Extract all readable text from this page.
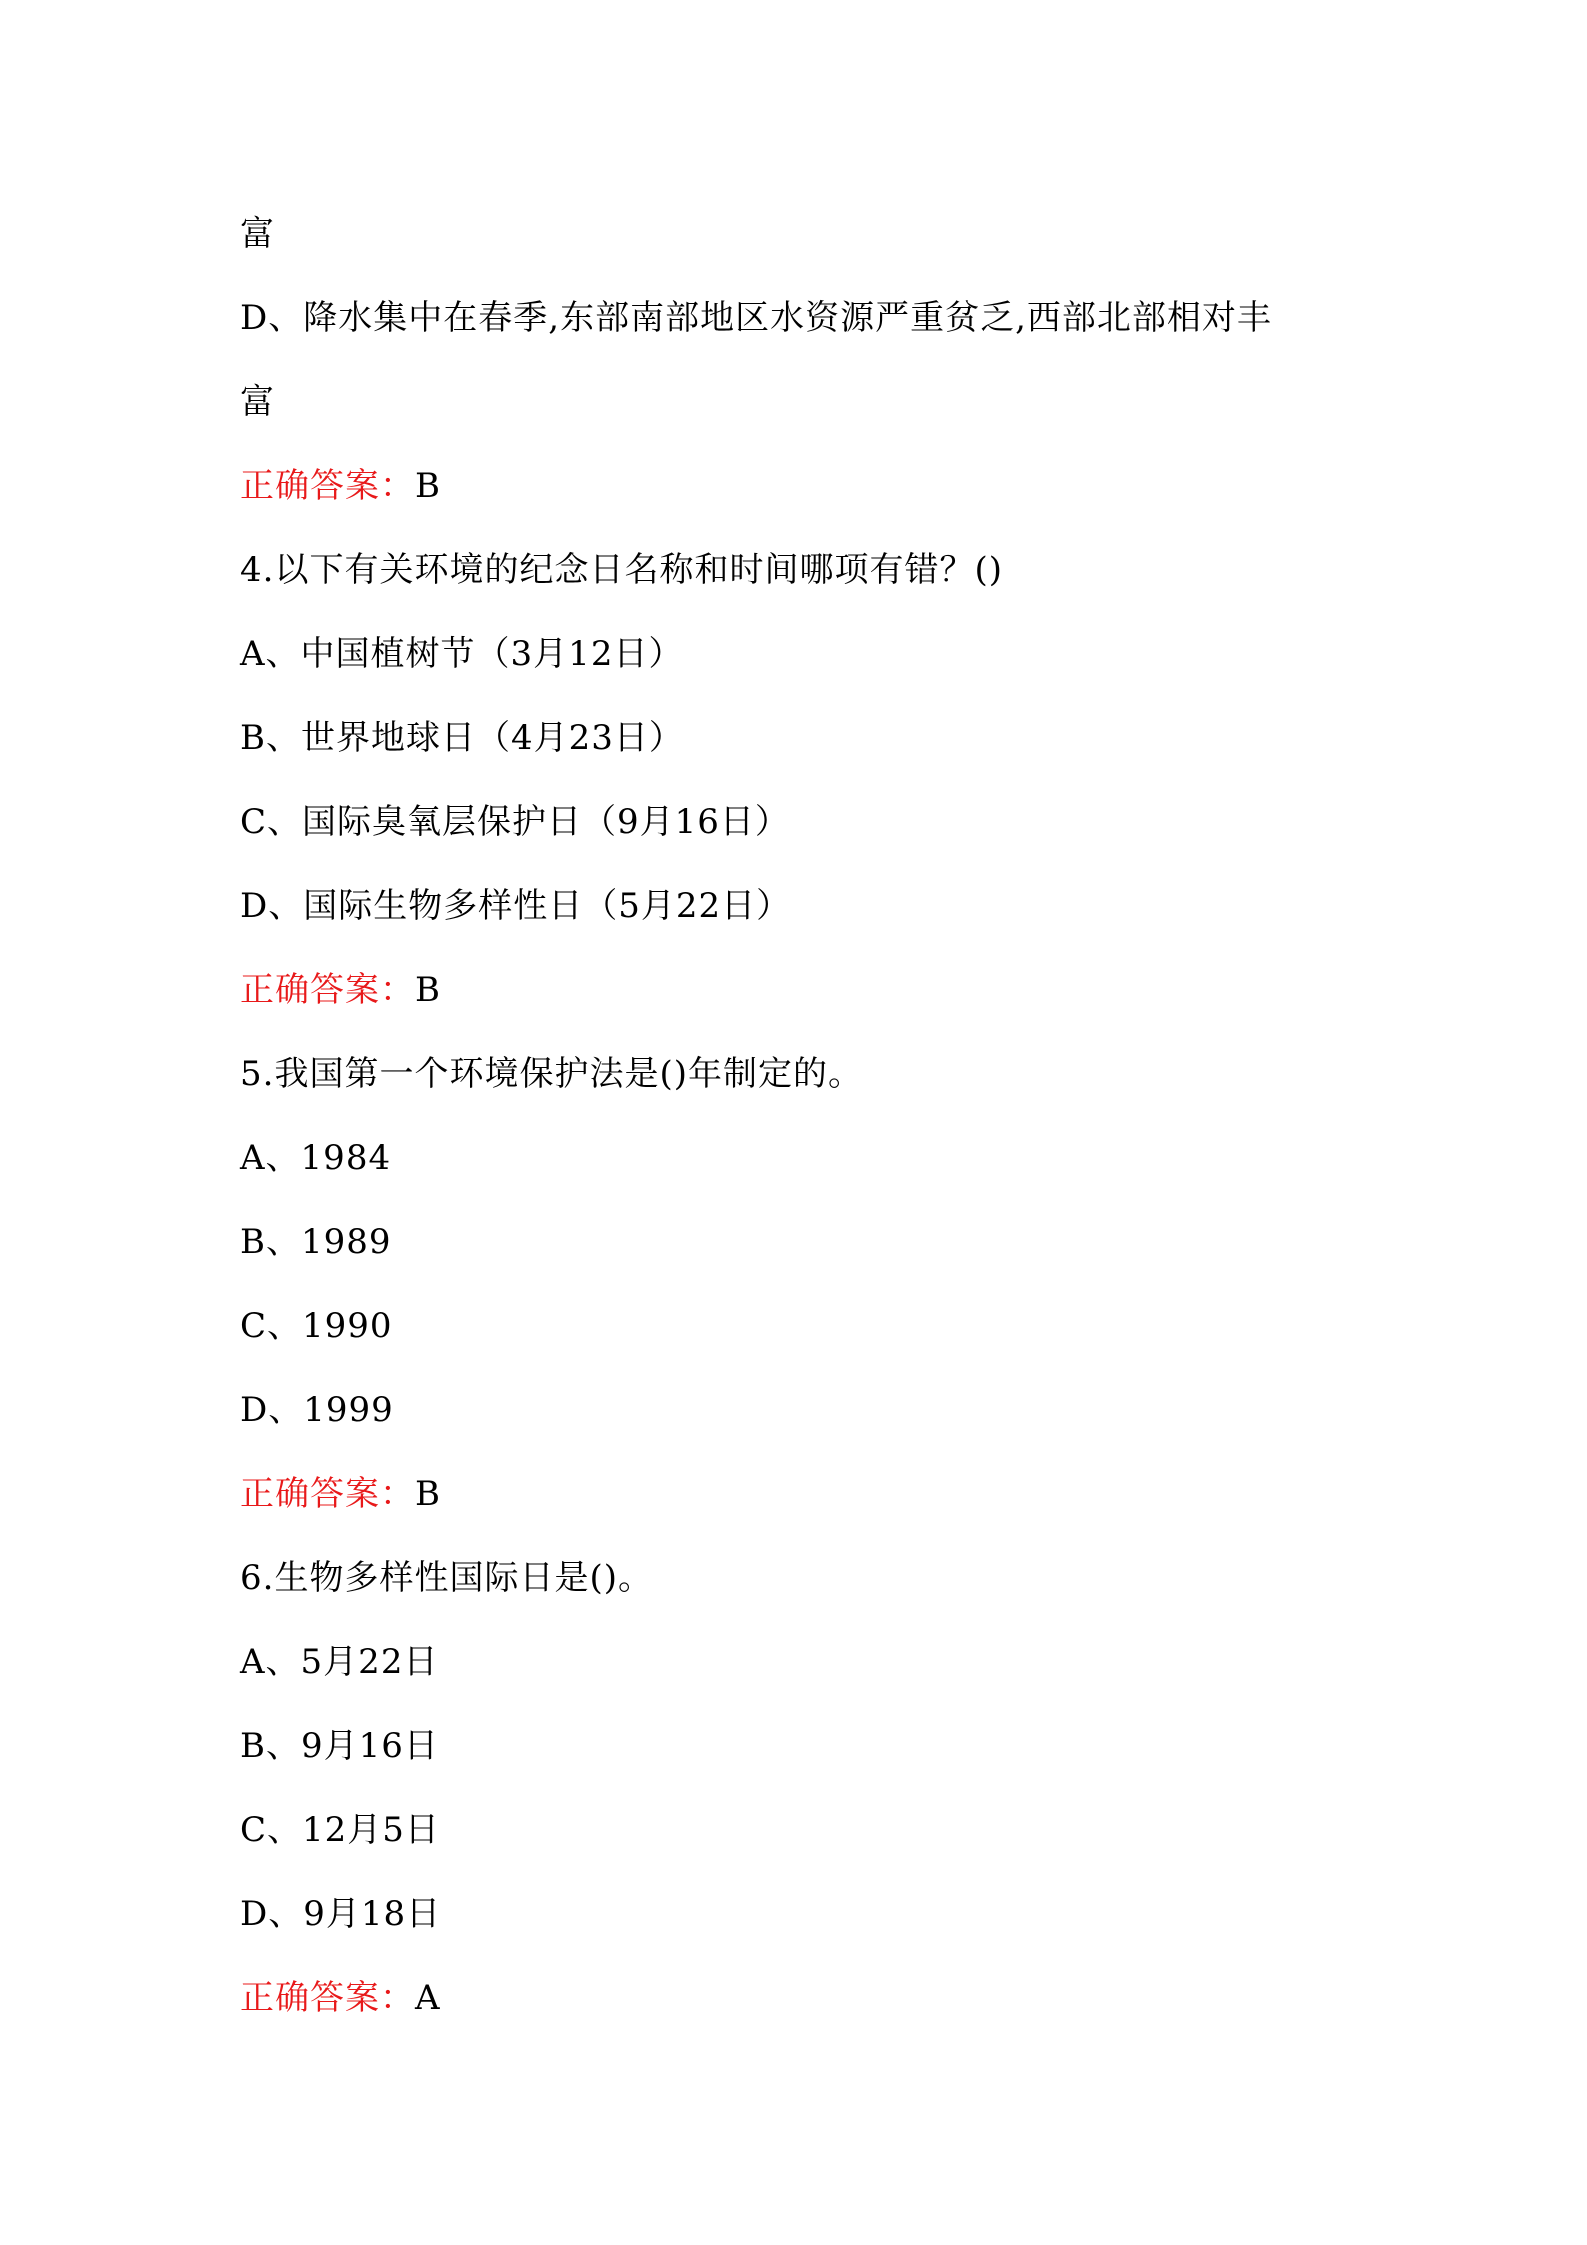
富
D、降水集中在春季,东部南部地区水资源严重贫乏,西部北部相对丰
富
正确答案：B
4.以下有关环境的纪念日名称和时间哪项有错？()
A、中国植树节（3月12日）
B、世界地球日（4月23日）
C、国际臭氧层保护日（9月16日）
D、国际生物多样性日（5月22日）
正确答案：B
5.我国第一个环境保护法是()年制定的。
A、1984
B、1989
C、1990
D、1999
正确答案：B
6.生物多样性国际日是()。
A、5月22日
B、9月16日
C、12月5日
D、9月18日
正确答案：A
